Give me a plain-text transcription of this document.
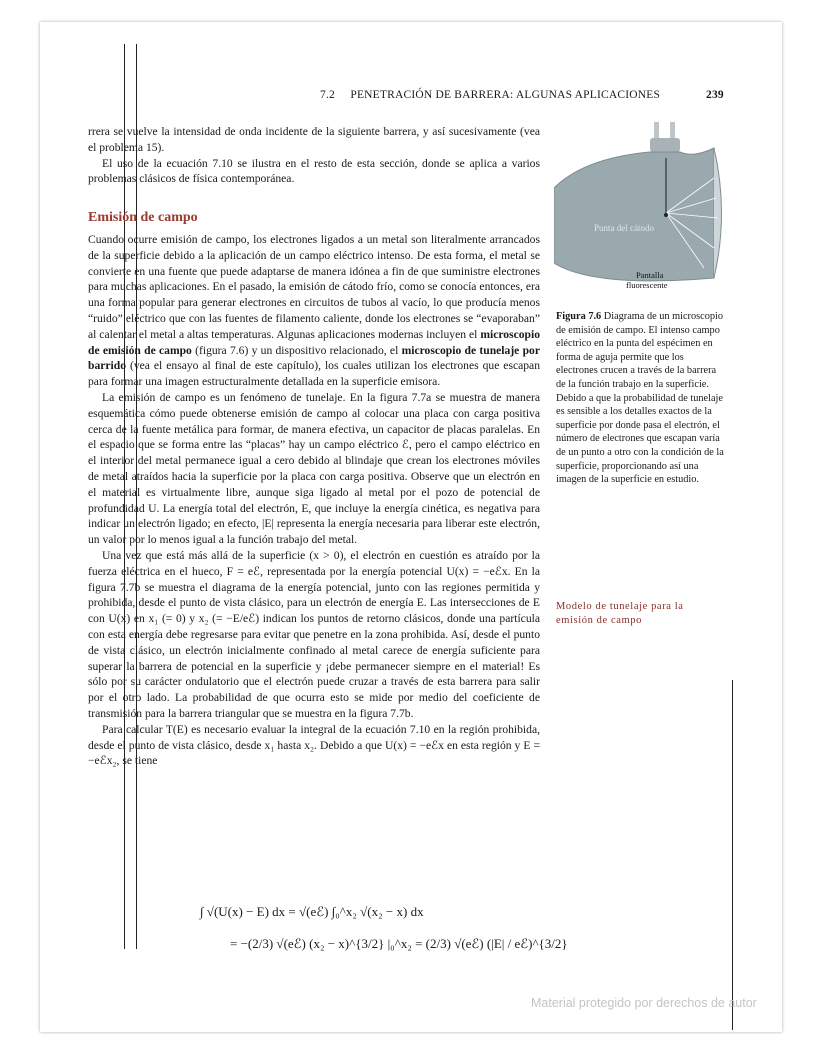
7.2 PENETRACIÓN DE BARRERA: ALGUNAS APLICACIONES	239

rrera se vuelve la intensidad de onda incidente de la siguiente barrera, y así sucesivamente (vea el problema 15).

El uso de la ecuación 7.10 se ilustra en el resto de esta sección, donde se aplica a varios problemas clásicos de física contemporánea.

Emisión de campo

Cuando ocurre emisión de campo, los electrones ligados a un metal son literalmente arrancados de la superficie debido a la aplicación de un campo eléctrico intenso. De esta forma, el metal se convierte en una fuente que puede adaptarse de manera idónea a fin de que suministre electrones para muchas aplicaciones. En el pasado, la emisión de cátodo frío, como se conocía entonces, era una forma popular para generar electrones en circuitos de tubos al vacío, lo que producía menos “ruido” eléctrico que con las fuentes de filamento caliente, donde los electrones se “evaporaban” al calentar el metal a altas temperaturas. Algunas aplicaciones modernas incluyen el microscopio de emisión de campo (figura 7.6) y un dispositivo relacionado, el microscopio de tunelaje por barrido (vea el ensayo al final de este capítulo), los cuales utilizan los electrones que escapan para formar una imagen estructuralmente detallada en la superficie emisora.

La emisión de campo es un fenómeno de tunelaje. En la figura 7.7a se muestra de manera esquemática cómo puede obtenerse emisión de campo al colocar una placa con carga positiva cerca de la fuente metálica para formar, de manera efectiva, un capacitor de placas paralelas. En el espacio que se forma entre las “placas” hay un campo eléctrico ℰ, pero el campo eléctrico en el interior del metal permanece igual a cero debido al blindaje que crean los electrones móviles de metal atraídos hacia la superficie por la placa con carga positiva. Observe que un electrón en el material es virtualmente libre, aunque siga ligado al metal por el pozo de potencial de profundidad U. La energía total del electrón, E, que incluye la energía cinética, es negativa para indicar un electrón ligado; en efecto, |E| representa la energía necesaria para liberar este electrón, un valor por lo menos igual a la función trabajo del metal.

Una vez que está más allá de la superficie (x > 0), el electrón en cuestión es atraído por la fuerza eléctrica en el hueco, F = eℰ, representada por la energía potencial U(x) = −eℰx. En la figura 7.7b se muestra el diagrama de la energía potencial, junto con las regiones permitida y prohibida, desde el punto de vista clásico, para un electrón de energía E. Las intersecciones de E con U(x) en x₁ (= 0) y x₂ (= −E/eℰ) indican los puntos de retorno clásicos, donde una partícula con esta energía debe regresarse para evitar que penetre en la zona prohibida. Así, desde el punto de vista clásico, un electrón inicialmente confinado al metal carece de energía suficiente para superar la barrera de potencial en la superficie y ¡debe permanecer siempre en el material! Es sólo por su carácter ondulatorio que el electrón puede cruzar a través de esta barrera para salir por el otro lado. La probabilidad de que ocurra esto se mide por medio del coeficiente de transmisión para la barrera triangular que se muestra en la figura 7.7b.

Para calcular T(E) es necesario evaluar la integral de la ecuación 7.10 en la región prohibida, desde el punto de vista clásico, desde x₁ hasta x₂. Debido a que U(x) = −eℰx en esta región y E = −eℰx₂, se tiene

∫ √(U(x) − E) dx = √(eℰ) ∫₀^x₂ √(x₂ − x) dx
= −(2/3) √(eℰ) (x₂ − x)^{3/2} |₀^x₂ = (2/3) √(eℰ) (|E| / eℰ)^{3/2}
Punta del cátodo
Pantalla
fluorescente
Figura 7.6 Diagrama de un microscopio de emisión de campo. El intenso campo eléctrico en la punta del espécimen en forma de aguja permite que los electrones crucen a través de la barrera de la función trabajo en la superficie. Debido a que la probabilidad de tunelaje es sensible a los detalles exactos de la superficie por donde pasa el electrón, el número de electrones que escapan varía de un punto a otro con la condición de la superficie, proporcionando así una imagen de la superficie en estudio.
Modelo de tunelaje para la emisión de campo
Material protegido por derechos de autor
